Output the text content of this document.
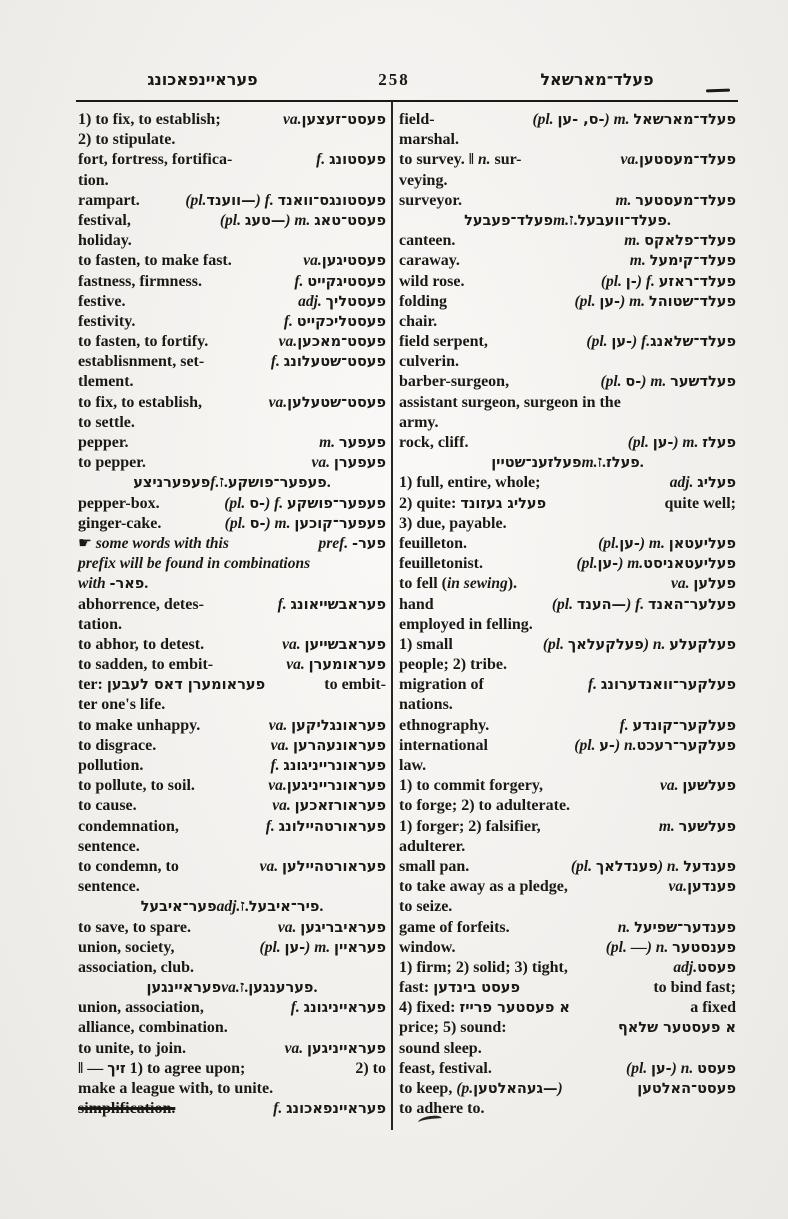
פעראיינפאכונג	258	פעלד־מארשאל
1) to fix, to establish;	va.פעסט־זעצען
2) to stipulate.
fort, fortress, fortifica-	f. פעסטונג
tion.
rampart.	(pl.—ווענד) f. פעסטונגס־וואנד
festival,	(pl. —טעג) m. פעסט־טאג
holiday.
to fasten, to make fast.	va.פעסטיגען
fastness, firmness.	f. פעסטיגקייט
festive.	adj. פעסטליך
festivity.	f. פעסטליכקייט
to fasten, to fortify.	va.פעסט־מאכען
establisnment, set-	f. פעסט־שטעלונג
tlement.
to fix, to establish,	va.פעסט־שטעלען
to settle.
pepper.	m. פעפער
to pepper.	va. פעפערן
פעפערניצע f. ז. פעפער־פושקע .
pepper-box.	(pl. -ס) f. פעפער־פושקע
ginger-cake.	(pl. -ס) m. פעפער־קוכען
☛ some words with this	pref. פער-
prefix will be found in combinations
with פאר-.
abhorrence, detes-	f. פעראבשייאונג
tation.
to abhor, to detest.	va. פעראבשייען
to sadden, to embit-	va. פעראומערן
ter: פעראומערן דאס לעבען	to embit-
ter one's life.
to make unhappy.	va. פעראונגליקען
to disgrace.	va. פעראונעהרען
pollution.	f. פעראונרייניגונג
to pollute, to soil.	va.פעראונרייניגען
to cause.	va. פעראורזאכען
condemnation,	f. פעראורטהיילונג
sentence.
to condemn, to	va. פעראורטהיילען
sentence.
פער־איבעל adj. ז. פיר־איבעל .
to save, to spare.	va. פעראיבריגען
union, society,	(pl. -ען) m. פעראיין
association, club.
פעראיינגען va. ז. פערענגען .
union, association,	f. פעראייניגונג
alliance, combination.
to unite, to join.	va. פעראייניגען
‖ — זיך 1) to agree upon;	2) to
make a league with, to unite.
simplification.	f. פעראיינפאכונג
field-	(pl. -ס, -ען) m. פעלד־מארשאל
marshal.
to survey. ‖ n. sur-	va.פעלד־מעסטען
veying.
surveyor.	m. פעלד־מעסטער
פעלד־פעבעל m. ז. פעלד־וועבעל .
canteen.	m. פעלד־פלאקס
caraway.	m. פעלד־קימעל
wild rose.	(pl. -ן) f. פעלד־ראזע
folding	(pl. -ען) m. פעלד־שטוהל
chair.
field serpent,	(pl. -ען) f.פעלד־שלאנג
culverin.
barber-surgeon,	(pl. -ס) m. פעלדשער
assistant surgeon, surgeon in the
army.
rock, cliff.	(pl. -ען) m. פעלז
פעלזענ־שטיין m. ז. פעלז .
1) full, entire, whole;	adj. פעליג
2) quite: פעליג געזונד	quite well;
3) due, payable.
feuilleton.	(pl.-ען) m. פעליעטאן
feuilletonist.	(pl.-ען) m.פעליעטאניסט
to fell (in sewing).	va. פעלען
hand	(pl. —הענד) f. פעלער־האנד
employed in felling.
1) small	(pl. פעלקעלאך) n. פעלקעלע
people; 2) tribe.
migration of	f. פעלקער־וואנדערונג
nations.
ethnography.	f. פעלקער־קונדע
international	(pl. -ע) n.פעלקער־רעכט
law.
1) to commit forgery,	va. פעלשען
to forge; 2) to adulterate.
1) forger; 2) falsifier,	m. פעלשער
adulterer.
small pan.	(pl. פענדלאך) n. פענדעל
to take away as a pledge,	va.פענדען
to seize.
game of forfeits.	n. פענדער־שפיעל
window.	(pl. —) n. פענסטער
1) firm; 2) solid; 3) tight,	adj.פעסט
fast: פעסט בינדען	to bind fast;
4) fixed: א פעסטער פרייז	a fixed
price; 5) sound:	א פעסטער שלאף
sound sleep.
feast, festival.	(pl. -ען) n. פעסט
to keep, (p.—געהאלטען)	פעסט־האלטען
to adhere to.
